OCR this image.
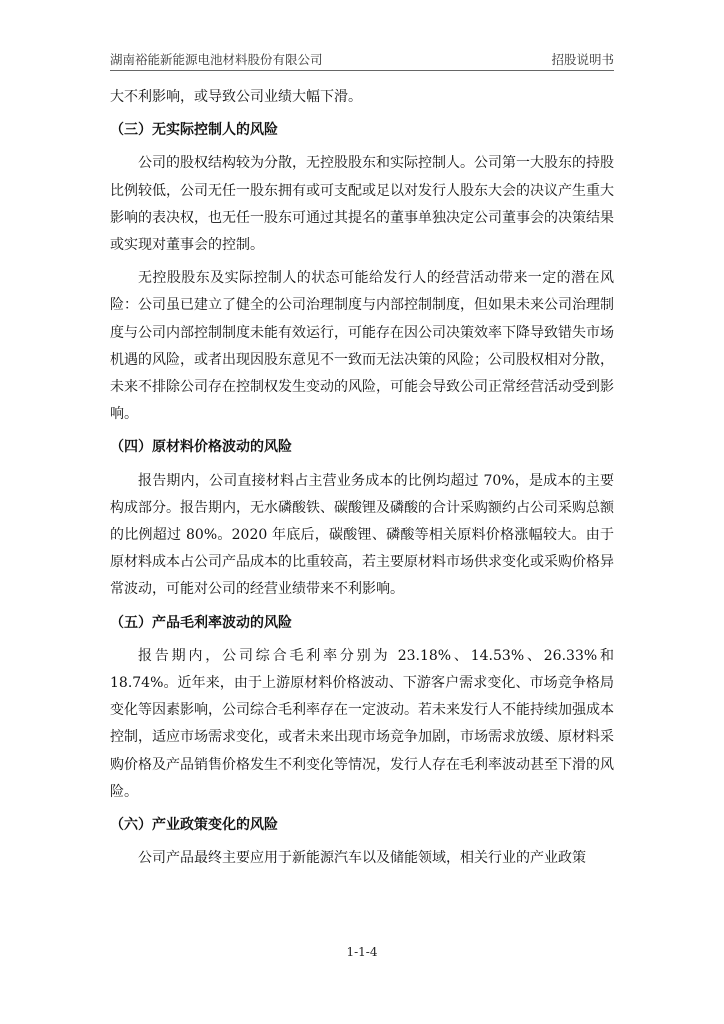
湖南裕能新能源电池材料股份有限公司	招股说明书

大不利影响，或导致公司业绩大幅下滑。

（三）无实际控制人的风险

公司的股权结构较为分散，无控股股东和实际控制人。公司第一大股东的持股比例较低，公司无任一股东拥有或可支配或足以对发行人股东大会的决议产生重大影响的表决权，也无任一股东可通过其提名的董事单独决定公司董事会的决策结果或实现对董事会的控制。

无控股股东及实际控制人的状态可能给发行人的经营活动带来一定的潜在风险：公司虽已建立了健全的公司治理制度与内部控制制度，但如果未来公司治理制度与公司内部控制制度未能有效运行，可能存在因公司决策效率下降导致错失市场机遇的风险，或者出现因股东意见不一致而无法决策的风险；公司股权相对分散，未来不排除公司存在控制权发生变动的风险，可能会导致公司正常经营活动受到影响。

（四）原材料价格波动的风险

报告期内，公司直接材料占主营业务成本的比例均超过 70%，是成本的主要构成部分。报告期内，无水磷酸铁、碳酸锂及磷酸的合计采购额约占公司采购总额的比例超过 80%。2020 年底后，碳酸锂、磷酸等相关原料价格涨幅较大。由于原材料成本占公司产品成本的比重较高，若主要原材料市场供求变化或采购价格异常波动，可能对公司的经营业绩带来不利影响。

（五）产品毛利率波动的风险

报告期内，公司综合毛利率分别为 23.18%、14.53%、26.33%和 18.74%。近年来，由于上游原材料价格波动、下游客户需求变化、市场竞争格局变化等因素影响，公司综合毛利率存在一定波动。若未来发行人不能持续加强成本控制，适应市场需求变化，或者未来出现市场竞争加剧，市场需求放缓、原材料采购价格及产品销售价格发生不利变化等情况，发行人存在毛利率波动甚至下滑的风险。

（六）产业政策变化的风险

公司产品最终主要应用于新能源汽车以及储能领域，相关行业的产业政策

1-1-4
